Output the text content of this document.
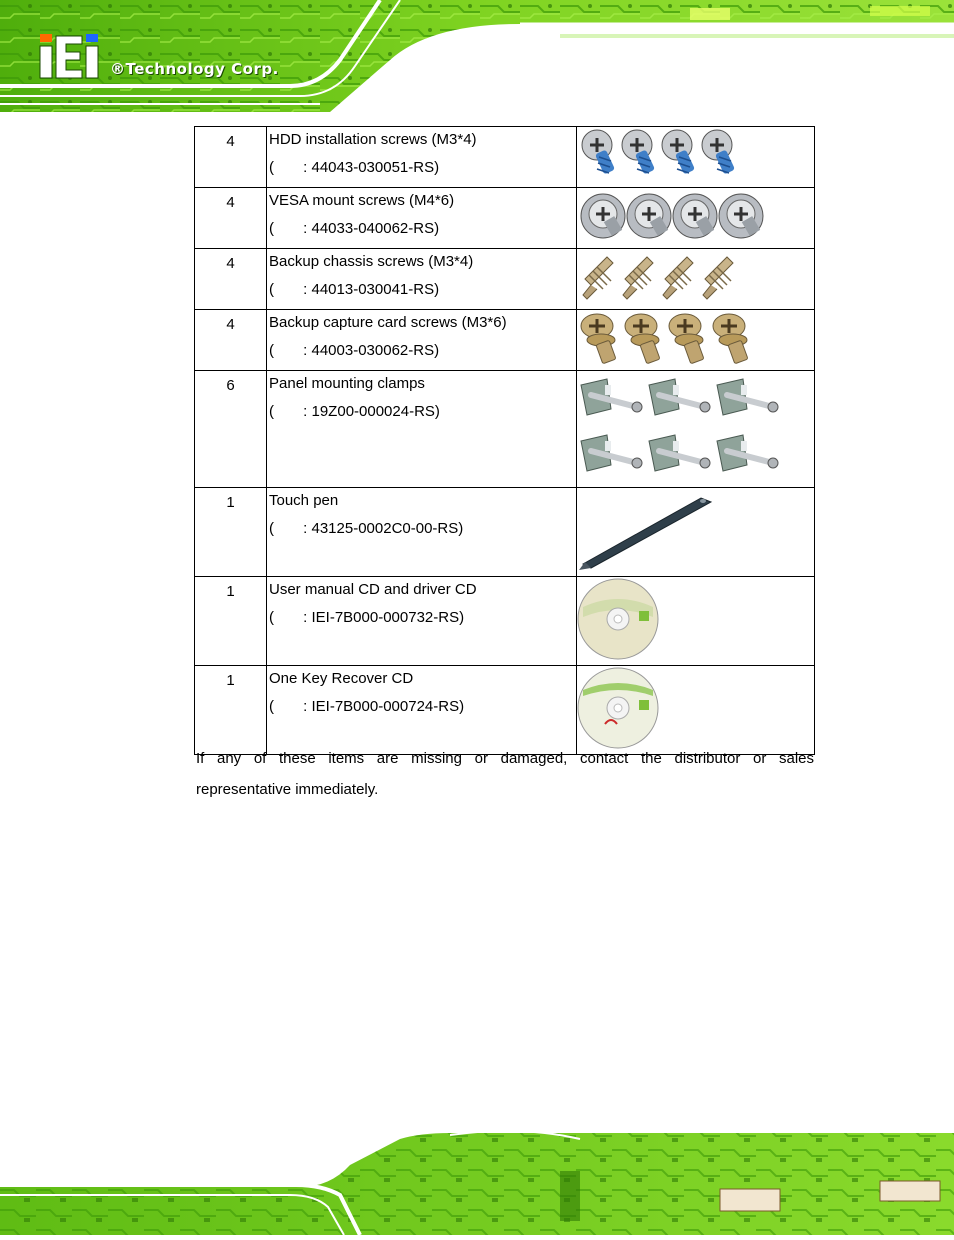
®Technology Corp.
4	HDD installation screws (M3*4)
(       : 44043-030051-RS)

4	VESA mount screws (M4*6)
(       : 44033-040062-RS)

4	Backup chassis screws (M3*4)
(       : 44013-030041-RS)

4	Backup capture card screws (M3*6)
(       : 44003-030062-RS)

6	Panel mounting clamps
(       : 19Z00-000024-RS)

1	Touch pen
(       : 43125-0002C0-00-RS)

1	User manual CD and driver CD
(       : IEI-7B000-000732-RS)

1	One Key Recover CD
(       : IEI-7B000-000724-RS)

If any of these items are missing or damaged, contact the distributor or sales
representative immediately.
